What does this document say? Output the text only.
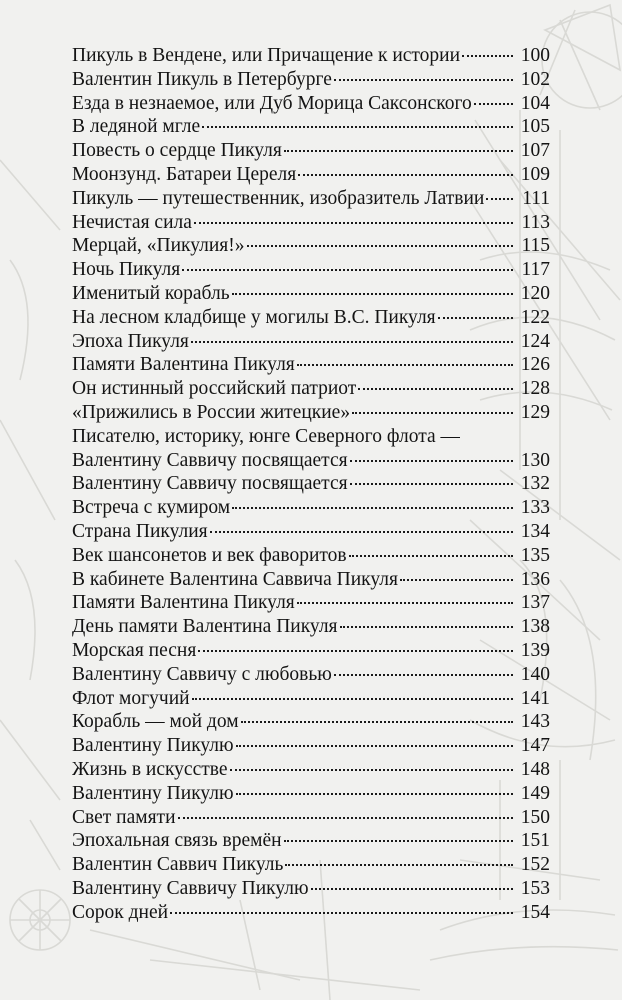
Пикуль в Вендене, или Причащение к истории	100
Валентин Пикуль в Петербурге	102
Езда в незнаемое, или Дуб Морица Саксонского	104
В ледяной мгле	105
Повесть о сердце Пикуля	107
Моонзунд. Батареи Цереля	109
Пикуль — путешественник, изобразитель Латвии	111
Нечистая сила	113
Мерцай, «Пикулия!»	115
Ночь Пикуля	117
Именитый корабль	120
На лесном кладбище у могилы В.С. Пикуля	122
Эпоха Пикуля	124
Памяти Валентина Пикуля	126
Он истинный российский патриот	128
«Прижились в России житецкие»	129
Писателю, историку, юнге Северного флота —
Валентину Саввичу посвящается	130
Валентину Саввичу посвящается	132
Встреча с кумиром	133
Страна Пикулия	134
Век шансонетов и век фаворитов	135
В кабинете Валентина Саввича Пикуля	136
Памяти Валентина Пикуля	137
День памяти Валентина Пикуля	138
Морская песня	139
Валентину Саввичу с любовью	140
Флот могучий	141
Корабль — мой дом	143
Валентину Пикулю	147
Жизнь в искусстве	148
Валентину Пикулю	149
Свет памяти	150
Эпохальная связь времён	151
Валентин Саввич Пикуль	152
Валентину Саввичу Пикулю	153
Сорок дней	154
